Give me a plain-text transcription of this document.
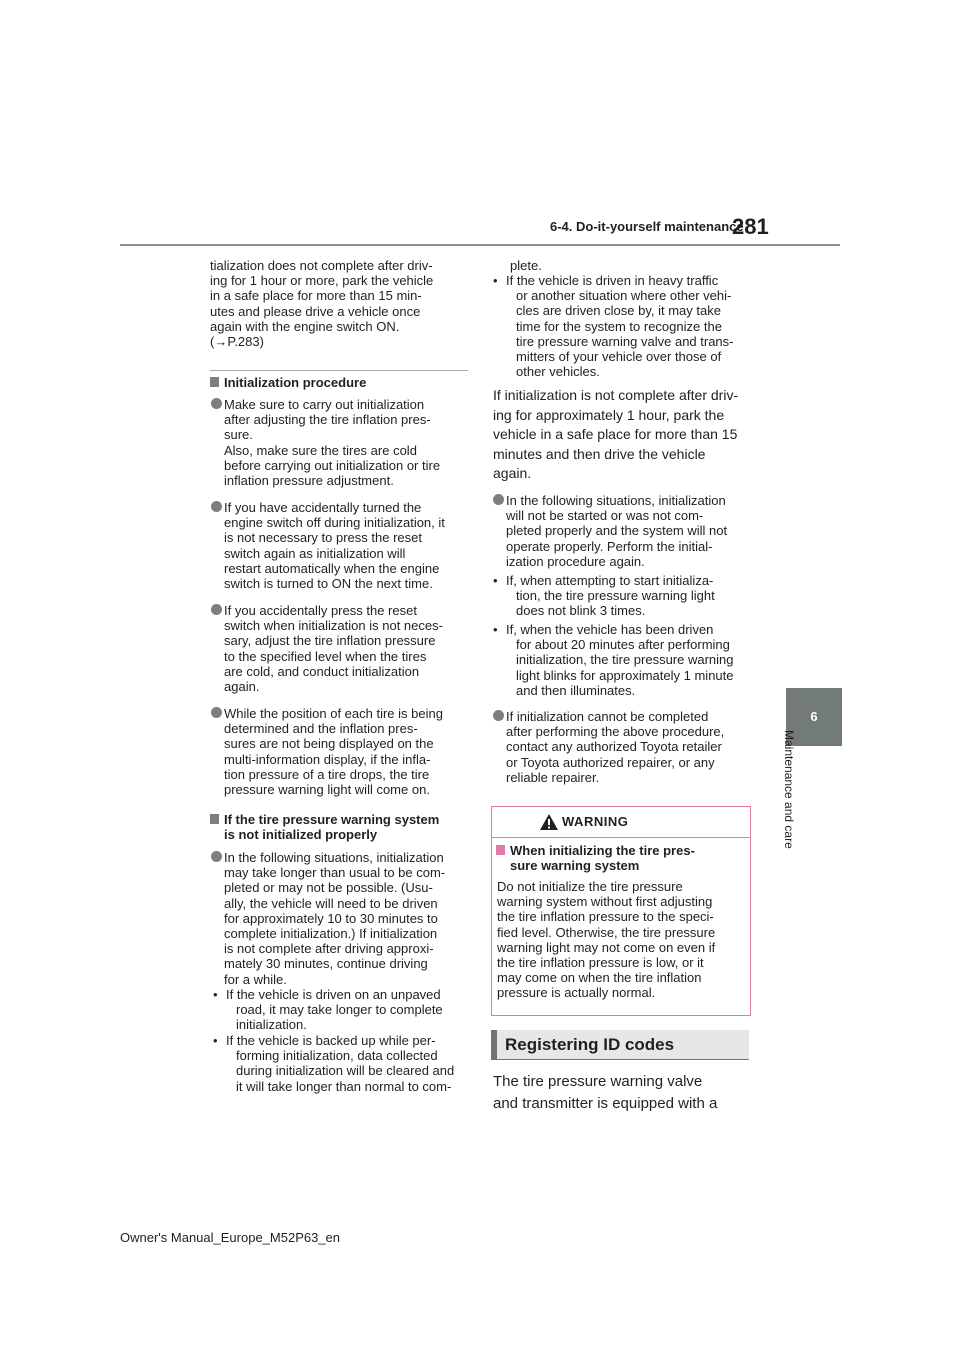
6-4. Do-it-yourself maintenance
281
6
Maintenance and care

tialization does not complete after driv-

ing for 1 hour or more, park the vehicle

in a safe place for more than 15 min-

utes and please drive a vehicle once

again with the engine switch ON.

(→P.283)

Initialization procedure

Make sure to carry out initialization

after adjusting the tire inflation pres-

sure.

Also, make sure the tires are cold

before carrying out initialization or tire

inflation pressure adjustment.

If you have accidentally turned the

engine switch off during initialization, it

is not necessary to press the reset

switch again as initialization will

restart automatically when the engine

switch is turned to ON the next time.

If you accidentally press the reset

switch when initialization is not neces-

sary, adjust the tire inflation pressure

to the specified level when the tires

are cold, and conduct initialization

again.

While the position of each tire is being

determined and the inflation pres-

sures are not being displayed on the

multi-information display, if the infla-

tion pressure of a tire drops, the tire

pressure warning light will come on.

If the tire pressure warning system

is not initialized properly

In the following situations, initialization

may take longer than usual to be com-

pleted or may not be possible. (Usu-

ally, the vehicle will need to be driven

for approximately 10 to 30 minutes to

complete initialization.) If initialization

is not complete after driving approxi-

mately 30 minutes, continue driving

for a while.

• If the vehicle is driven on an unpaved

road, it may take longer to complete

initialization.

• If the vehicle is backed up while per-

forming initialization, data collected

during initialization will be cleared and

it will take longer than normal to com-

plete.
• If the vehicle is driven in heavy traffic

or another situation where other vehi-

cles are driven close by, it may take

time for the system to recognize the

tire pressure warning valve and trans-

mitters of your vehicle over those of

other vehicles.

If initialization is not complete after driv-

ing for approximately 1 hour, park the

vehicle in a safe place for more than 15

minutes and then drive the vehicle

again.

In the following situations, initialization

will not be started or was not com-

pleted properly and the system will not

operate properly. Perform the initial-

ization procedure again.

• If, when attempting to start initializa-

tion, the tire pressure warning light

does not blink 3 times.

• If, when the vehicle has been driven

for about 20 minutes after performing

initialization, the tire pressure warning

light blinks for approximately 1 minute

and then illuminates.

If initialization cannot be completed

after performing the above procedure,

contact any authorized Toyota retailer

or Toyota authorized repairer, or any

reliable repairer.

WARNING

When initializing the tire pres-

sure warning system

Do not initialize the tire pressure

warning system without first adjusting

the tire inflation pressure to the speci-

fied level. Otherwise, the tire pressure

warning light may not come on even if

the tire inflation pressure is low, or it

may come on when the tire inflation

pressure is actually normal.

Registering ID codes

The tire pressure warning valve

and transmitter is equipped with a

Owner's Manual_Europe_M52P63_en
